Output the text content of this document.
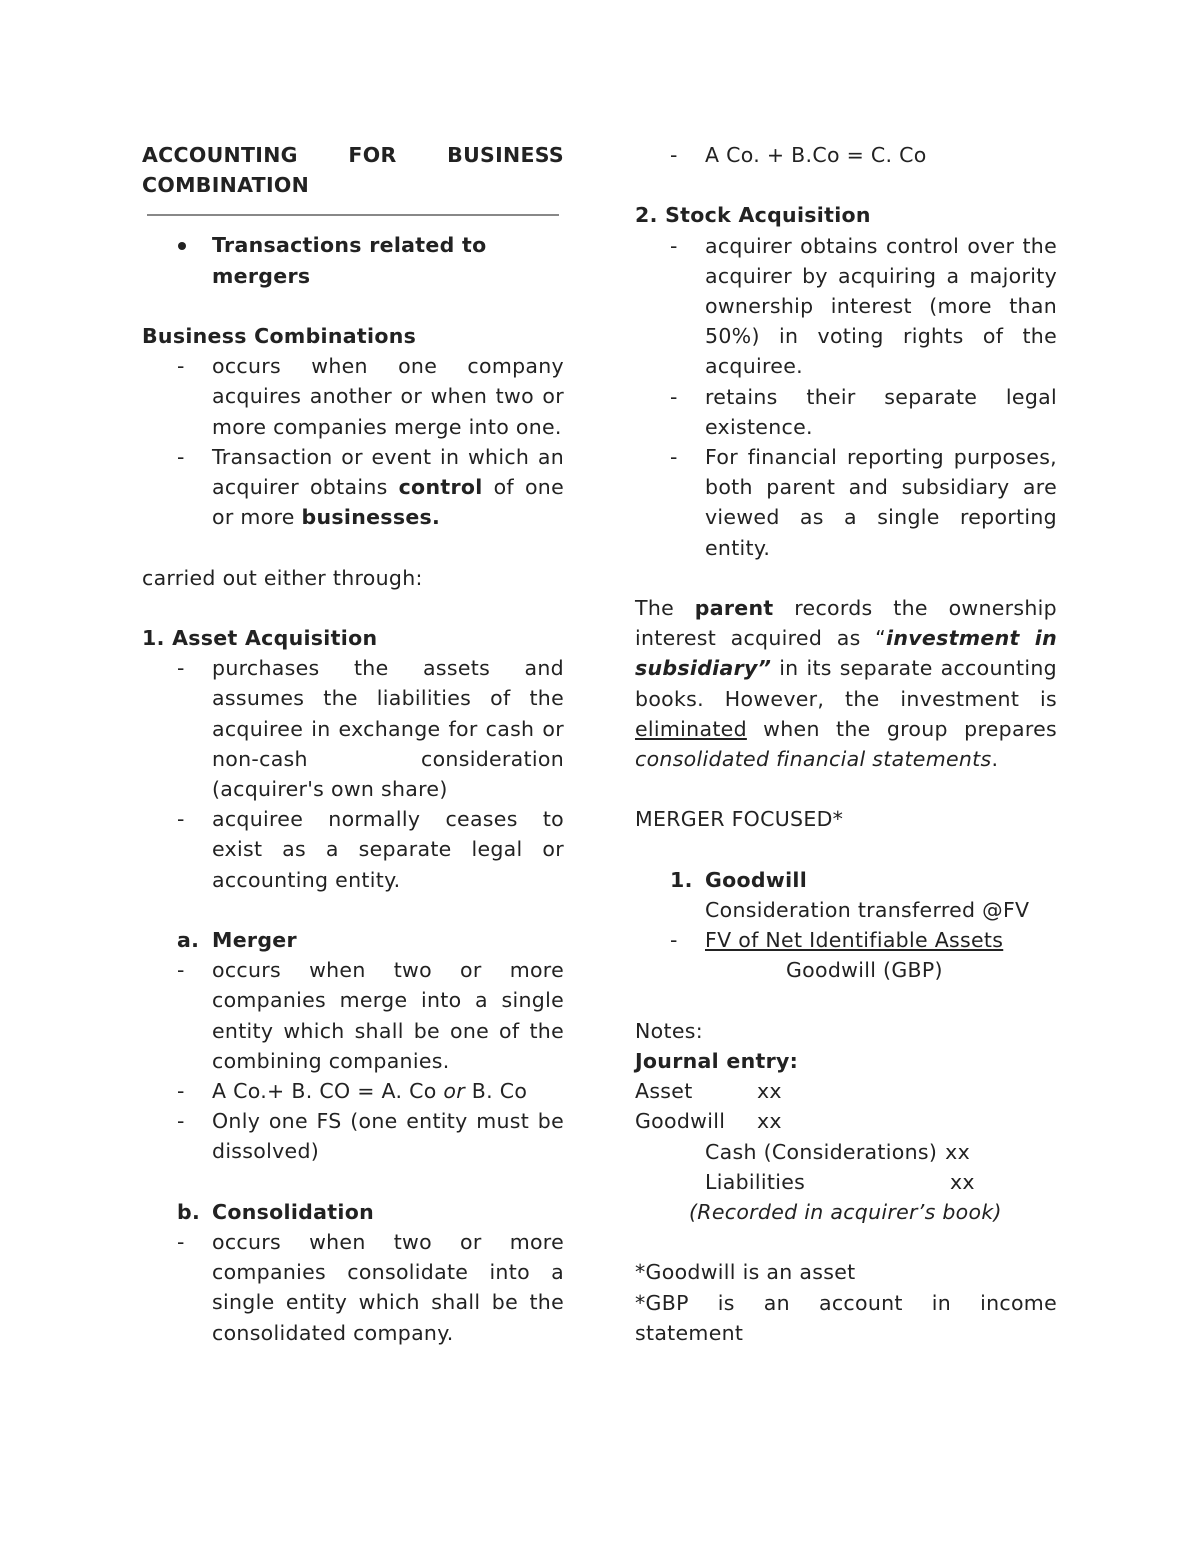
ACCOUNTING FOR BUSINESS
COMBINATION
Transactions related to mergers
Business Combinations
- occurs when one company acquires another or when two or more companies merge into one.
- Transaction or event in which an acquirer obtains control of one or more businesses.
carried out either through:
1. Asset Acquisition
- purchases the assets and assumes the liabilities of the acquiree in exchange for cash or non-cash consideration (acquirer's own share)
- acquiree normally ceases to exist as a separate legal or accounting entity.
a. Merger
- occurs when two or more companies merge into a single entity which shall be one of the combining companies.
- A Co.+ B. CO = A. Co or B. Co
- Only one FS (one entity must be dissolved)
b. Consolidation
- occurs when two or more companies consolidate into a single entity which shall be the consolidated company.
- A Co. + B.Co = C. Co
2. Stock Acquisition
- acquirer obtains control over the acquirer by acquiring a majority ownership interest (more than 50%) in voting rights of the acquiree.
- retains their separate legal existence.
- For financial reporting purposes, both parent and subsidiary are viewed as a single reporting entity.
The parent records the ownership interest acquired as “investment in subsidiary” in its separate accounting books. However, the investment is eliminated when the group prepares consolidated financial statements.
MERGER FOCUSED*
1. Goodwill
Consideration transferred @FV
- FV of Net Identifiable Assets
Goodwill (GBP)
Notes:
Journal entry:
Asset	xx
Goodwill	xx
Cash (Considerations) xx
Liabilities	xx
(Recorded in acquirer’s book)
*Goodwill is an asset
*GBP is an account in income statement
